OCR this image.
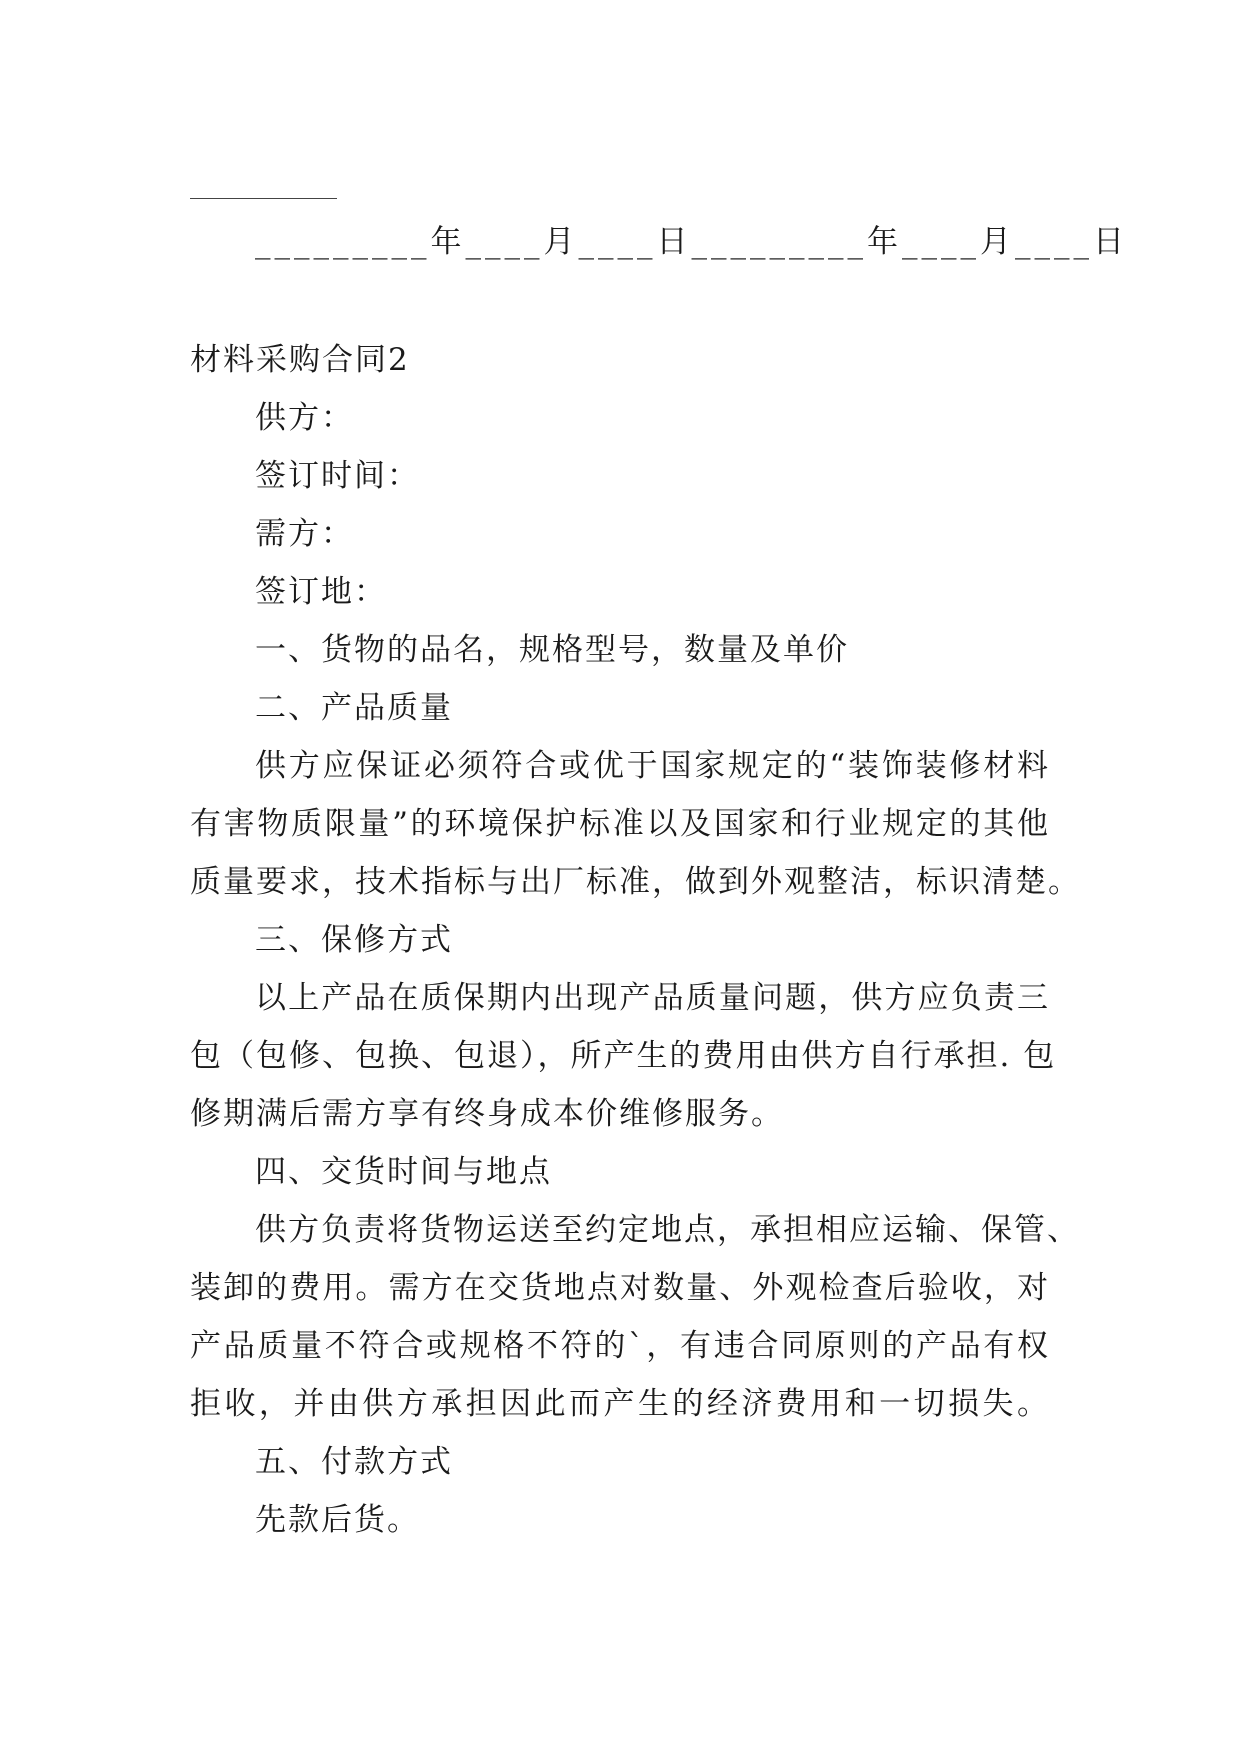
_________年____月____日_________年____月____日
材料采购合同2
供方：
签订时间：
需方：
签订地：
一、货物的品名，规格型号，数量及单价
二、产品质量
供方应保证必须符合或优于国家规定的“装饰装修材料
有害物质限量”的环境保护标准以及国家和行业规定的其他
质量要求，技术指标与出厂标准，做到外观整洁，标识清楚。
三、保修方式
以上产品在质保期内出现产品质量问题，供方应负责三
包（包修、包换、包退），所产生的费用由供方自行承担. 包
修期满后需方享有终身成本价维修服务。
四、交货时间与地点
供方负责将货物运送至约定地点，承担相应运输、保管、
装卸的费用。需方在交货地点对数量、外观检查后验收，对
产品质量不符合或规格不符的`，有违合同原则的产品有权
拒收，并由供方承担因此而产生的经济费用和一切损失。
五、付款方式
先款后货。
